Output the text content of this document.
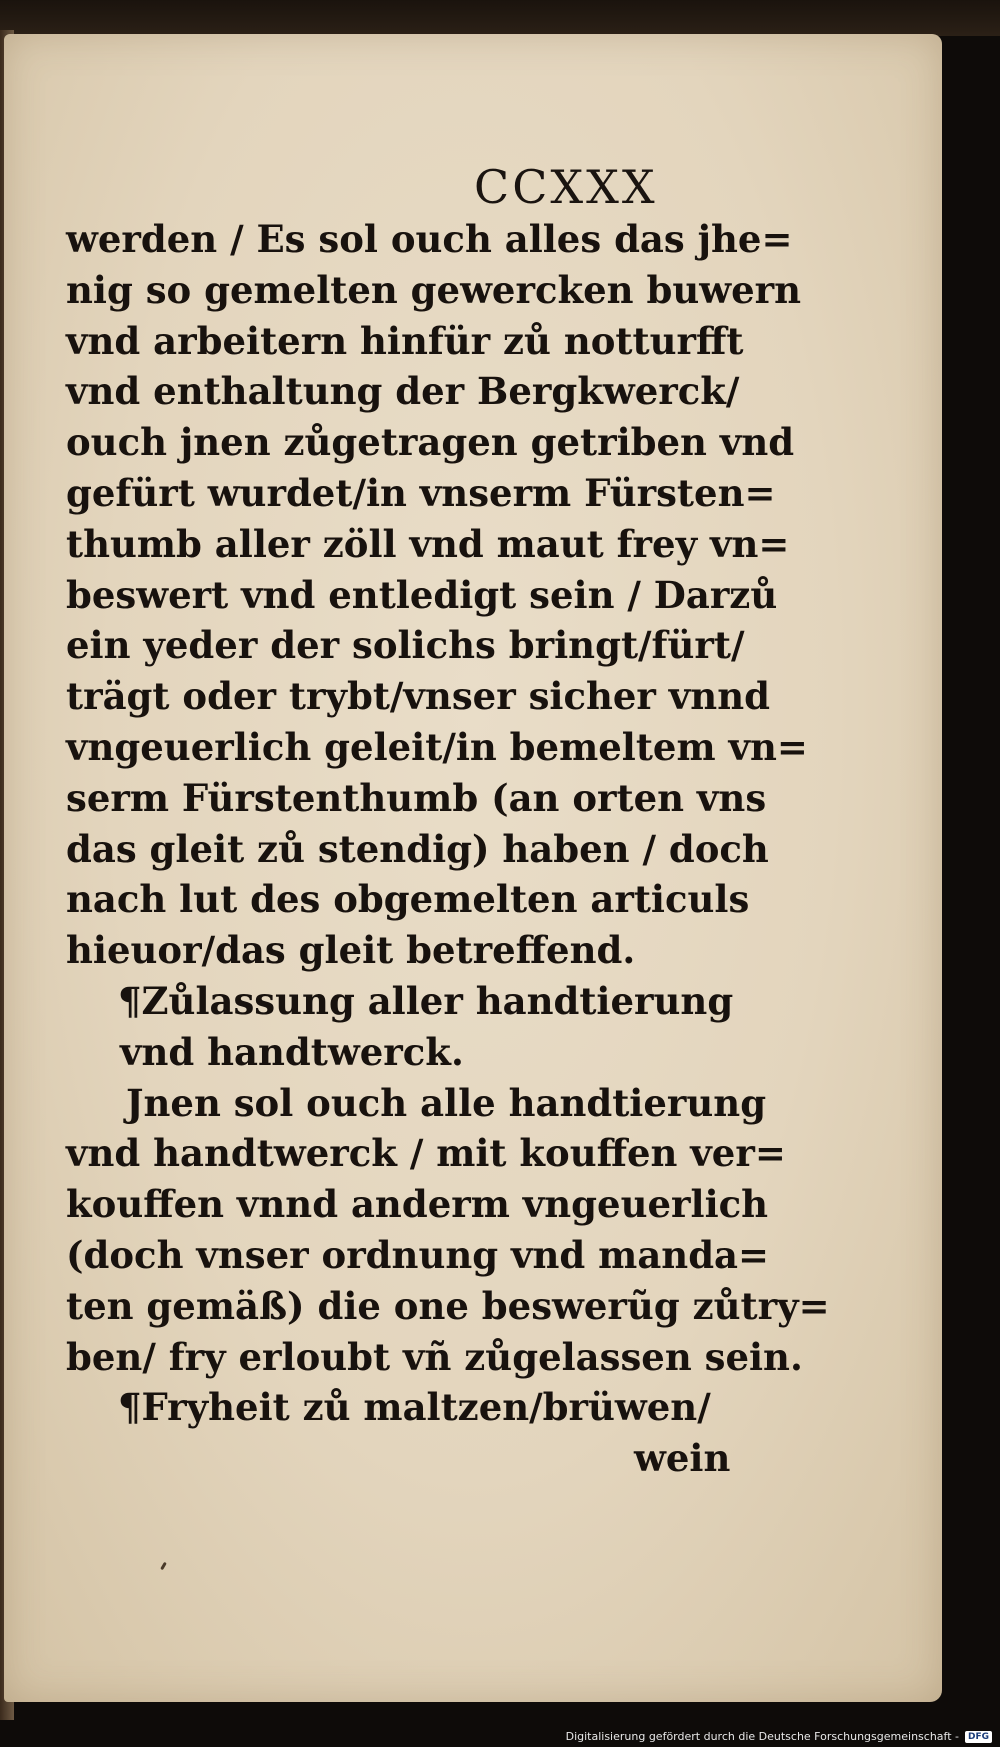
CCXXX
werden / Es sol ouch alles das jhe=
nig so gemelten gewercken buwern
vnd arbeitern hinfür zů notturfft
vnd enthaltung der Bergkwerck/
ouch jnen zůgetragen getriben vnd
gefürt wurdet/in vnserm Fürsten=
thumb aller zöll vnd maut frey vn=
beswert vnd entledigt sein / Darzů
ein yeder der solichs bringt/fürt/
trägt oder trybt/vnser sicher vnnd
vngeuerlich geleit/in bemeltem vn=
serm Fürstenthumb (an orten vns
das gleit zů stendig) haben / doch
nach lut des obgemelten articuls
hieuor/das gleit betreffend.
¶Zůlassung aller handtierung
vnd handtwerck.
Jnen sol ouch alle handtierung
vnd handtwerck / mit kouffen ver=
kouffen vnnd anderm vngeuerlich
(doch vnser ordnung vnd manda=
ten gemäß) die one beswerũg zůtry=
ben/ fry erloubt vñ zůgelassen sein.
¶Fryheit zů maltzen/brüwen/
wein
Digitalisierung gefördert durch die Deutsche Forschungsgemeinschaft -	DFG
